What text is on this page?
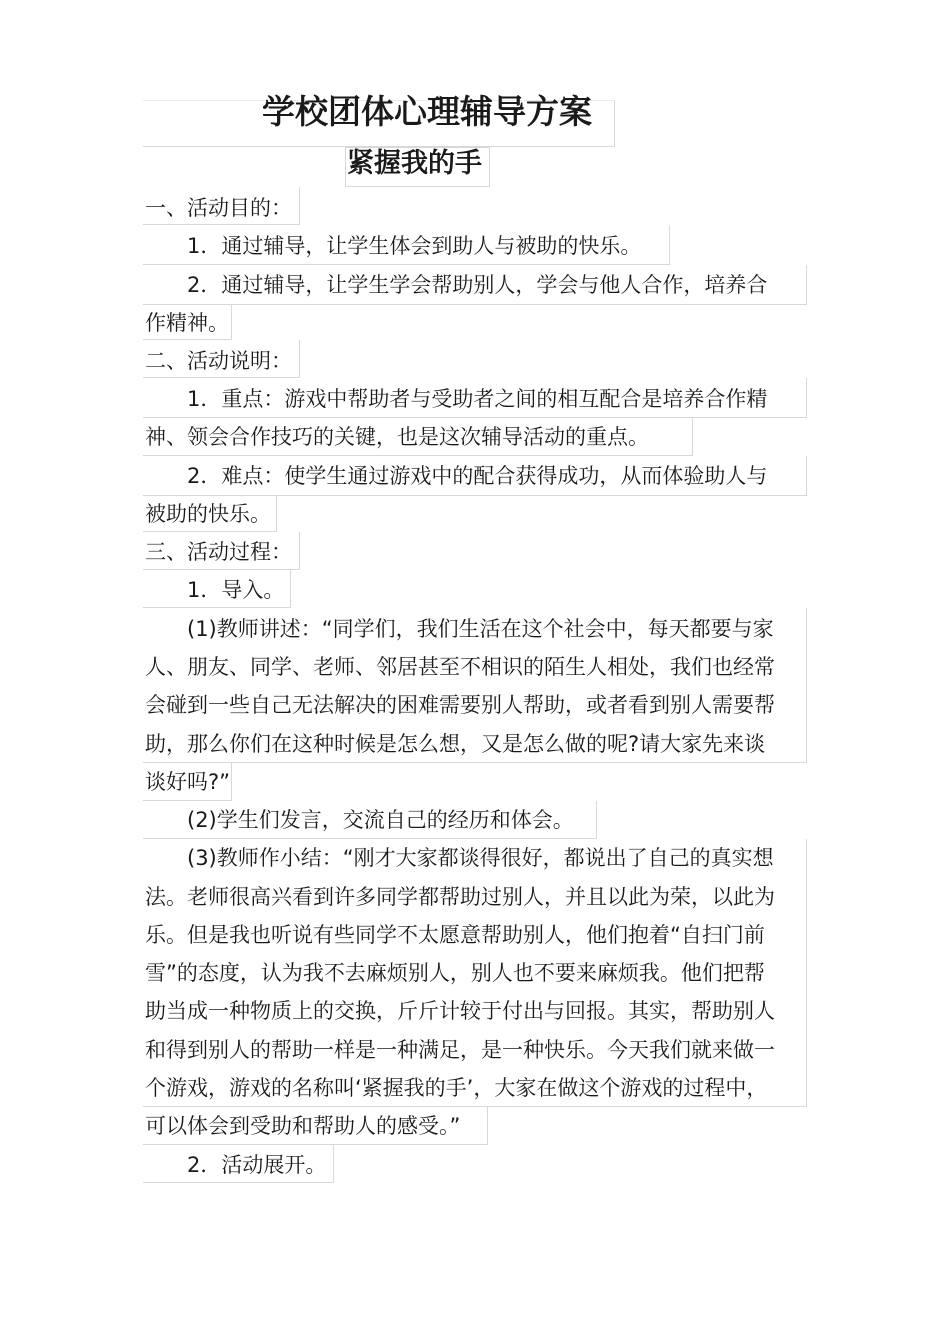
学校团体心理辅导方案
紧握我的手
一、活动目的：
1．通过辅导，让学生体会到助人与被助的快乐。
2．通过辅导，让学生学会帮助别人，学会与他人合作，培养合
作精神。
二、活动说明：
1．重点：游戏中帮助者与受助者之间的相互配合是培养合作精
神、领会合作技巧的关键，也是这次辅导活动的重点。
2．难点：使学生通过游戏中的配合获得成功，从而体验助人与
被助的快乐。
三、活动过程：
1．导入。
(1)教师讲述：“同学们，我们生活在这个社会中，每天都要与家
人、朋友、同学、老师、邻居甚至不相识的陌生人相处，我们也经常
会碰到一些自己无法解决的困难需要别人帮助，或者看到别人需要帮
助，那么你们在这种时候是怎么想，又是怎么做的呢?请大家先来谈
谈好吗?”
(2)学生们发言，交流自己的经历和体会。
(3)教师作小结：“刚才大家都谈得很好，都说出了自己的真实想
法。老师很高兴看到许多同学都帮助过别人，并且以此为荣，以此为
乐。但是我也听说有些同学不太愿意帮助别人，他们抱着“自扫门前
雪”的态度，认为我不去麻烦别人，别人也不要来麻烦我。他们把帮
助当成一种物质上的交换，斤斤计较于付出与回报。其实，帮助别人
和得到别人的帮助一样是一种满足，是一种快乐。今天我们就来做一
个游戏，游戏的名称叫‘紧握我的手’，大家在做这个游戏的过程中，
可以体会到受助和帮助人的感受。”
2．活动展开。
